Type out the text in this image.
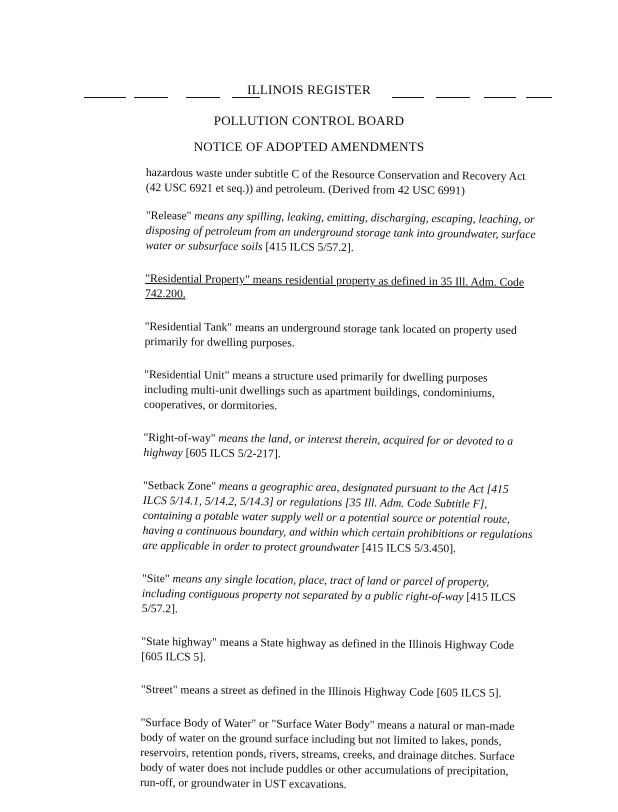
ILLINOIS REGISTER
POLLUTION CONTROL BOARD
NOTICE OF ADOPTED AMENDMENTS

hazardous waste under subtitle C of the Resource Conservation and Recovery Act (42 USC 6921 et seq.)) and petroleum. (Derived from 42 USC 6991)

"Release" means any spilling, leaking, emitting, discharging, escaping, leaching, or disposing of petroleum from an underground storage tank into groundwater, surface water or subsurface soils [415 ILCS 5/57.2].

"Residential Property" means residential property as defined in 35 Ill. Adm. Code 742.200.

"Residential Tank" means an underground storage tank located on property used primarily for dwelling purposes.

"Residential Unit" means a structure used primarily for dwelling purposes including multi-unit dwellings such as apartment buildings, condominiums, cooperatives, or dormitories.

"Right-of-way" means the land, or interest therein, acquired for or devoted to a highway [605 ILCS 5/2-217].

"Setback Zone" means a geographic area, designated pursuant to the Act [415 ILCS 5/14.1, 5/14.2, 5/14.3] or regulations [35 Ill. Adm. Code Subtitle F], containing a potable water supply well or a potential source or potential route, having a continuous boundary, and within which certain prohibitions or regulations are applicable in order to protect groundwater [415 ILCS 5/3.450].

"Site" means any single location, place, tract of land or parcel of property, including contiguous property not separated by a public right-of-way [415 ILCS 5/57.2].

"State highway" means a State highway as defined in the Illinois Highway Code [605 ILCS 5].

"Street" means a street as defined in the Illinois Highway Code [605 ILCS 5].

"Surface Body of Water" or "Surface Water Body" means a natural or man-made body of water on the ground surface including but not limited to lakes, ponds, reservoirs, retention ponds, rivers, streams, creeks, and drainage ditches. Surface body of water does not include puddles or other accumulations of precipitation, run-off, or groundwater in UST excavations.
